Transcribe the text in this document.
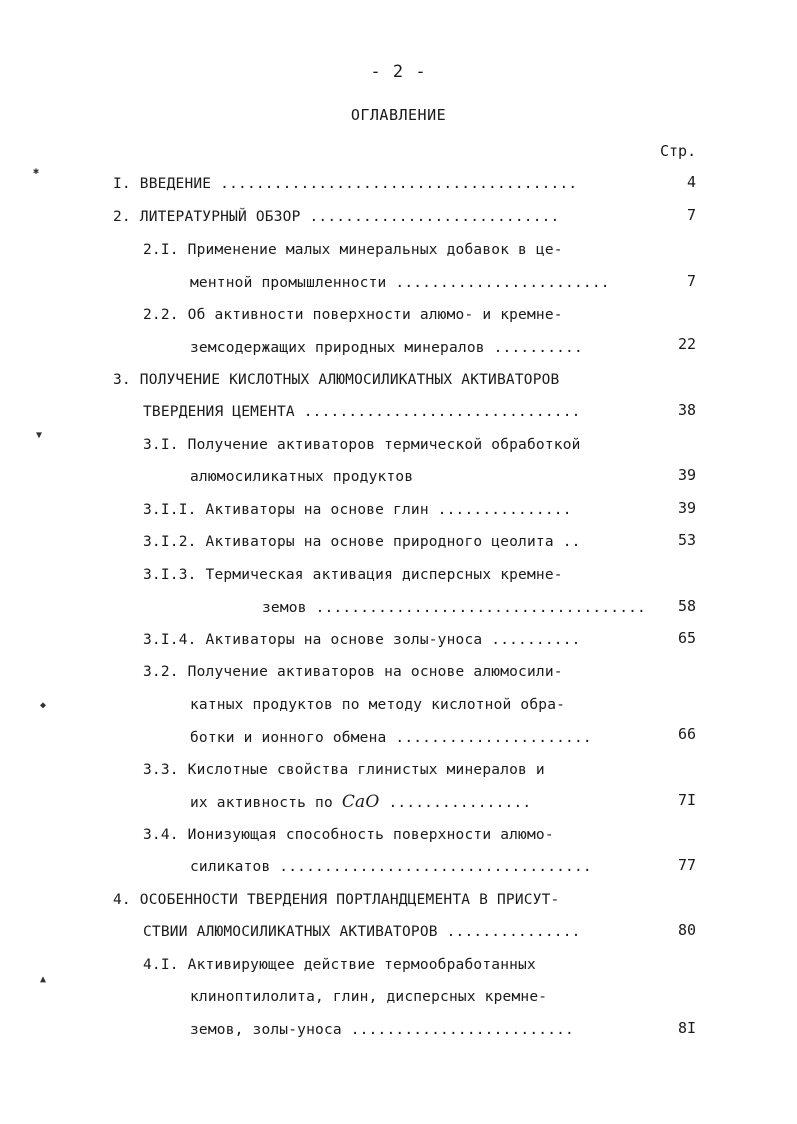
- 2 -
ОГЛАВЛЕНИЕ
Стр.
✱
▼
◆
▲
I. ВВЕДЕНИЕ ........................................	4
2. ЛИТЕРАТУРНЫЙ ОБЗОР ............................	7
2.I. Применение малых минеральных добавок в це-
ментной промышленности ........................	7
2.2. Об активности поверхности алюмо- и кремне-
земсодержащих природных минералов ..........	22
3. ПОЛУЧЕНИЕ КИСЛОТНЫХ АЛЮМОСИЛИКАТНЫХ АКТИВАТОРОВ
ТВЕРДЕНИЯ ЦЕМЕНТА ...............................	38
3.I. Получение активаторов термической обработкой
алюмосиликатных продуктов	39
3.I.I. Активаторы на основе глин ...............	39
3.I.2. Активаторы на основе природного цеолита ..	53
3.I.3. Термическая активация дисперсных кремне-
земов .....................................	58
3.I.4. Активаторы на основе золы-уноса ..........	65
3.2. Получение активаторов на основе алюмосили-
катных продуктов по методу кислотной обра-
ботки и ионного обмена ......................	66
3.3. Кислотные свойства глинистых минералов и
их активность по CaO ................	7I
3.4. Ионизующая способность поверхности алюмо-
силикатов ...................................	77
4. ОСОБЕННОСТИ ТВЕРДЕНИЯ ПОРТЛАНДЦЕМЕНТА В ПРИСУТ-
СТВИИ АЛЮМОСИЛИКАТНЫХ АКТИВАТОРОВ ...............	80
4.I. Активирующее действие термообработанных
клиноптилолита, глин, дисперсных кремне-
земов, золы-уноса .........................	8I
